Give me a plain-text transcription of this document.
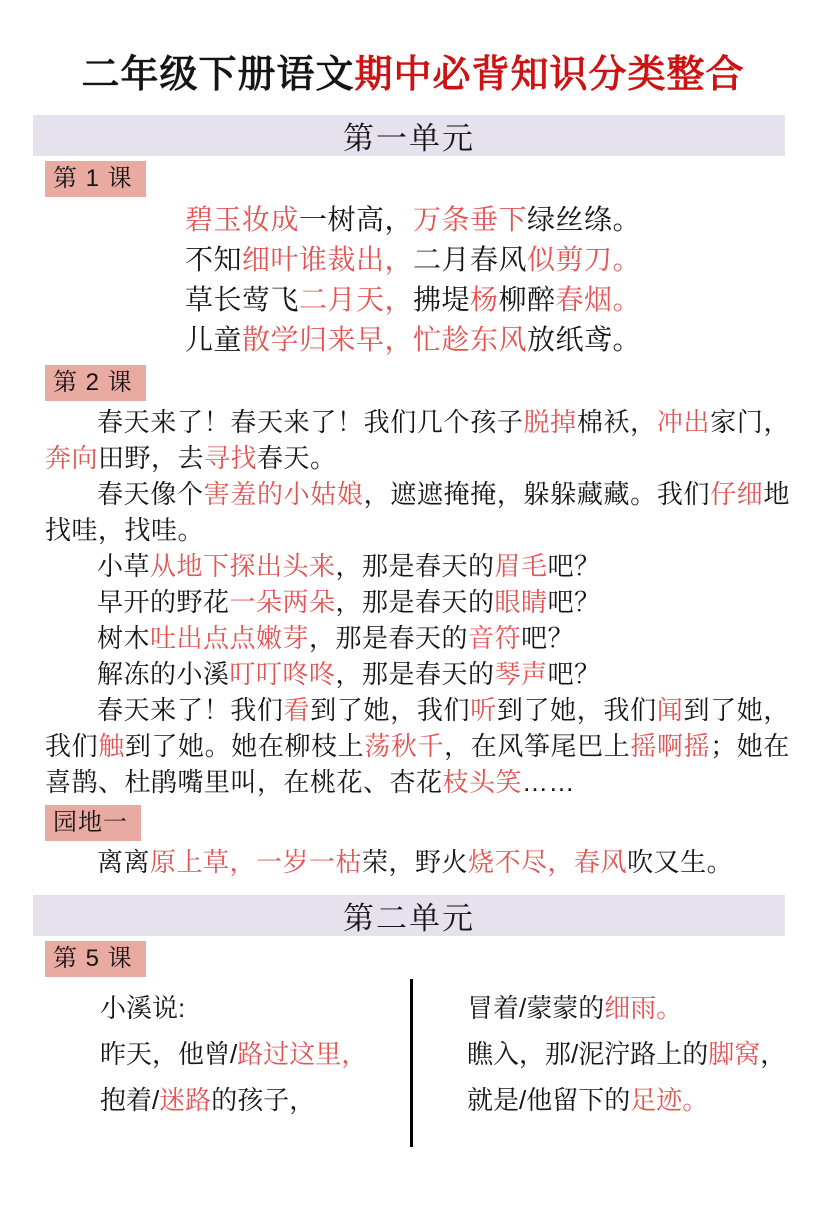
二年级下册语文期中必背知识分类整合
第一单元
第 1 课
碧玉妆成一树高，万条垂下绿丝绦。
不知细叶谁裁出，二月春风似剪刀。
草长莺飞二月天，拂堤杨柳醉春烟。
儿童散学归来早，忙趁东风放纸鸢。
第 2 课
春天来了！春天来了！我们几个孩子脱掉棉袄，冲出家门，奔向田野，去寻找春天。
春天像个害羞的小姑娘，遮遮掩掩，躲躲藏藏。我们仔细地找哇，找哇。
小草从地下探出头来，那是春天的眉毛吧？
早开的野花一朵两朵，那是春天的眼睛吧？
树木吐出点点嫩芽，那是春天的音符吧？
解冻的小溪叮叮咚咚，那是春天的琴声吧？
春天来了！我们看到了她，我们听到了她，我们闻到了她，我们触到了她。她在柳枝上荡秋千，在风筝尾巴上摇啊摇；她在喜鹊、杜鹃嘴里叫，在桃花、杏花枝头笑……
园地一
离离原上草，一岁一枯荣，野火烧不尽，春风吹又生。
第二单元
第 5 课
小溪说:
昨天，他曾/路过这里，
抱着/迷路的孩子，
冒着/蒙蒙的细雨。
瞧入，那/泥泞路上的脚窝，
就是/他留下的足迹。
